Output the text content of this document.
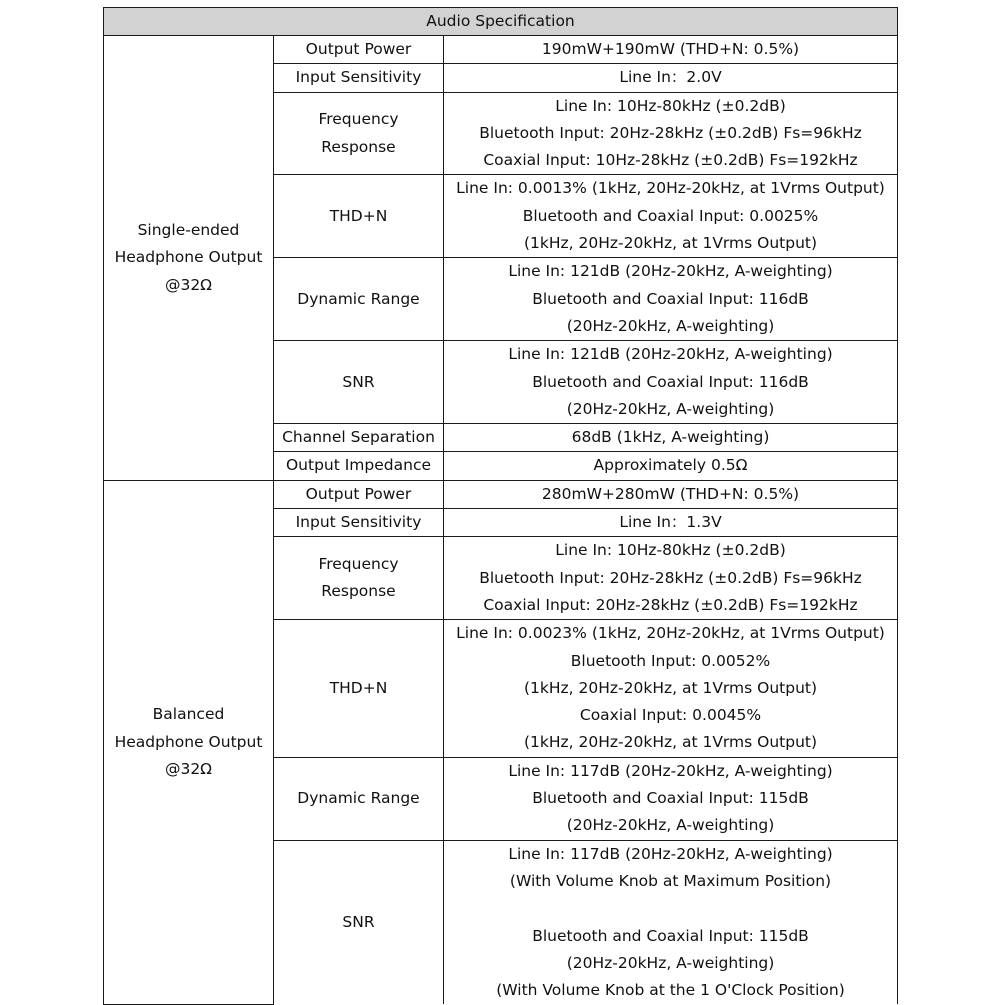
Audio Specification		

Single-ended
Headphone Output
@32Ω	Output Power	190mW+190mW (THD+N: 0.5%)

	Input Sensitivity	Line In：2.0V

	Frequency
Response	Line In: 10Hz-80kHz (±0.2dB)
Bluetooth Input: 20Hz-28kHz (±0.2dB) Fs=96kHz
Coaxial Input: 10Hz-28kHz (±0.2dB) Fs=192kHz

	THD+N	Line In: 0.0013% (1kHz, 20Hz-20kHz, at 1Vrms Output)
Bluetooth and Coaxial Input: 0.0025%
(1kHz, 20Hz-20kHz, at 1Vrms Output)

	Dynamic Range	Line In: 121dB (20Hz-20kHz, A-weighting)
Bluetooth and Coaxial Input: 116dB
(20Hz-20kHz, A-weighting)

	SNR	Line In: 121dB (20Hz-20kHz, A-weighting)
Bluetooth and Coaxial Input: 116dB
(20Hz-20kHz, A-weighting)

	Channel Separation	68dB (1kHz, A-weighting)

	Output Impedance	Approximately 0.5Ω

Balanced
Headphone Output
@32Ω	Output Power	280mW+280mW (THD+N: 0.5%)

	Input Sensitivity	Line In：1.3V

	Frequency
Response	Line In: 10Hz-80kHz (±0.2dB)
Bluetooth Input: 20Hz-28kHz (±0.2dB) Fs=96kHz
Coaxial Input: 20Hz-28kHz (±0.2dB) Fs=192kHz

	THD+N	Line In: 0.0023% (1kHz, 20Hz-20kHz, at 1Vrms Output)
Bluetooth Input: 0.0052%
(1kHz, 20Hz-20kHz, at 1Vrms Output)
Coaxial Input: 0.0045%
(1kHz, 20Hz-20kHz, at 1Vrms Output)

	Dynamic Range	Line In: 117dB (20Hz-20kHz, A-weighting)
Bluetooth and Coaxial Input: 115dB
(20Hz-20kHz, A-weighting)

	SNR	Line In: 117dB (20Hz-20kHz, A-weighting)
(With Volume Knob at Maximum Position)
Bluetooth and Coaxial Input: 115dB
(20Hz-20kHz, A-weighting)
(With Volume Knob at the 1 O'Clock Position)
